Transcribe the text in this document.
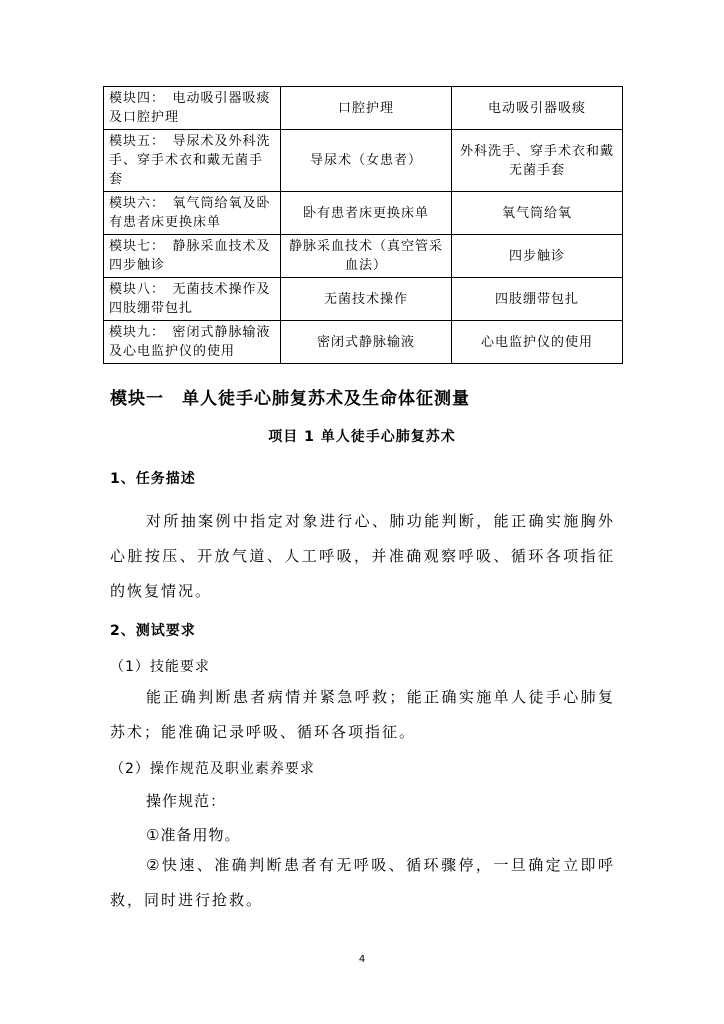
模块四：　电动吸引器吸痰及口腔护理	口腔护理	电动吸引器吸痰

模块五：　导尿术及外科洗手、穿手术衣和戴无菌手套	导尿术（女患者）	外科洗手、穿手术衣和戴无菌手套

模块六：　氧气筒给氧及卧有患者床更换床单	卧有患者床更换床单	氧气筒给氧

模块七：　静脉采血技术及四步触诊	静脉采血技术（真空管采血法）	四步触诊

模块八：　无菌技术操作及四肢绷带包扎	无菌技术操作	四肢绷带包扎

模块九：　密闭式静脉输液及心电监护仪的使用	密闭式静脉输液	心电监护仪的使用
模块一　单人徒手心肺复苏术及生命体征测量
项目 1 单人徒手心肺复苏术
1、任务描述
对所抽案例中指定对象进行心、肺功能判断，能正确实施胸外心脏按压、开放气道、人工呼吸，并准确观察呼吸、循环各项指征的恢复情况。
2、测试要求
（1）技能要求
能正确判断患者病情并紧急呼救；能正确实施单人徒手心肺复苏术；能准确记录呼吸、循环各项指征。
（2）操作规范及职业素养要求
操作规范：
①准备用物。
②快速、准确判断患者有无呼吸、循环骤停，一旦确定立即呼救，同时进行抢救。
4
